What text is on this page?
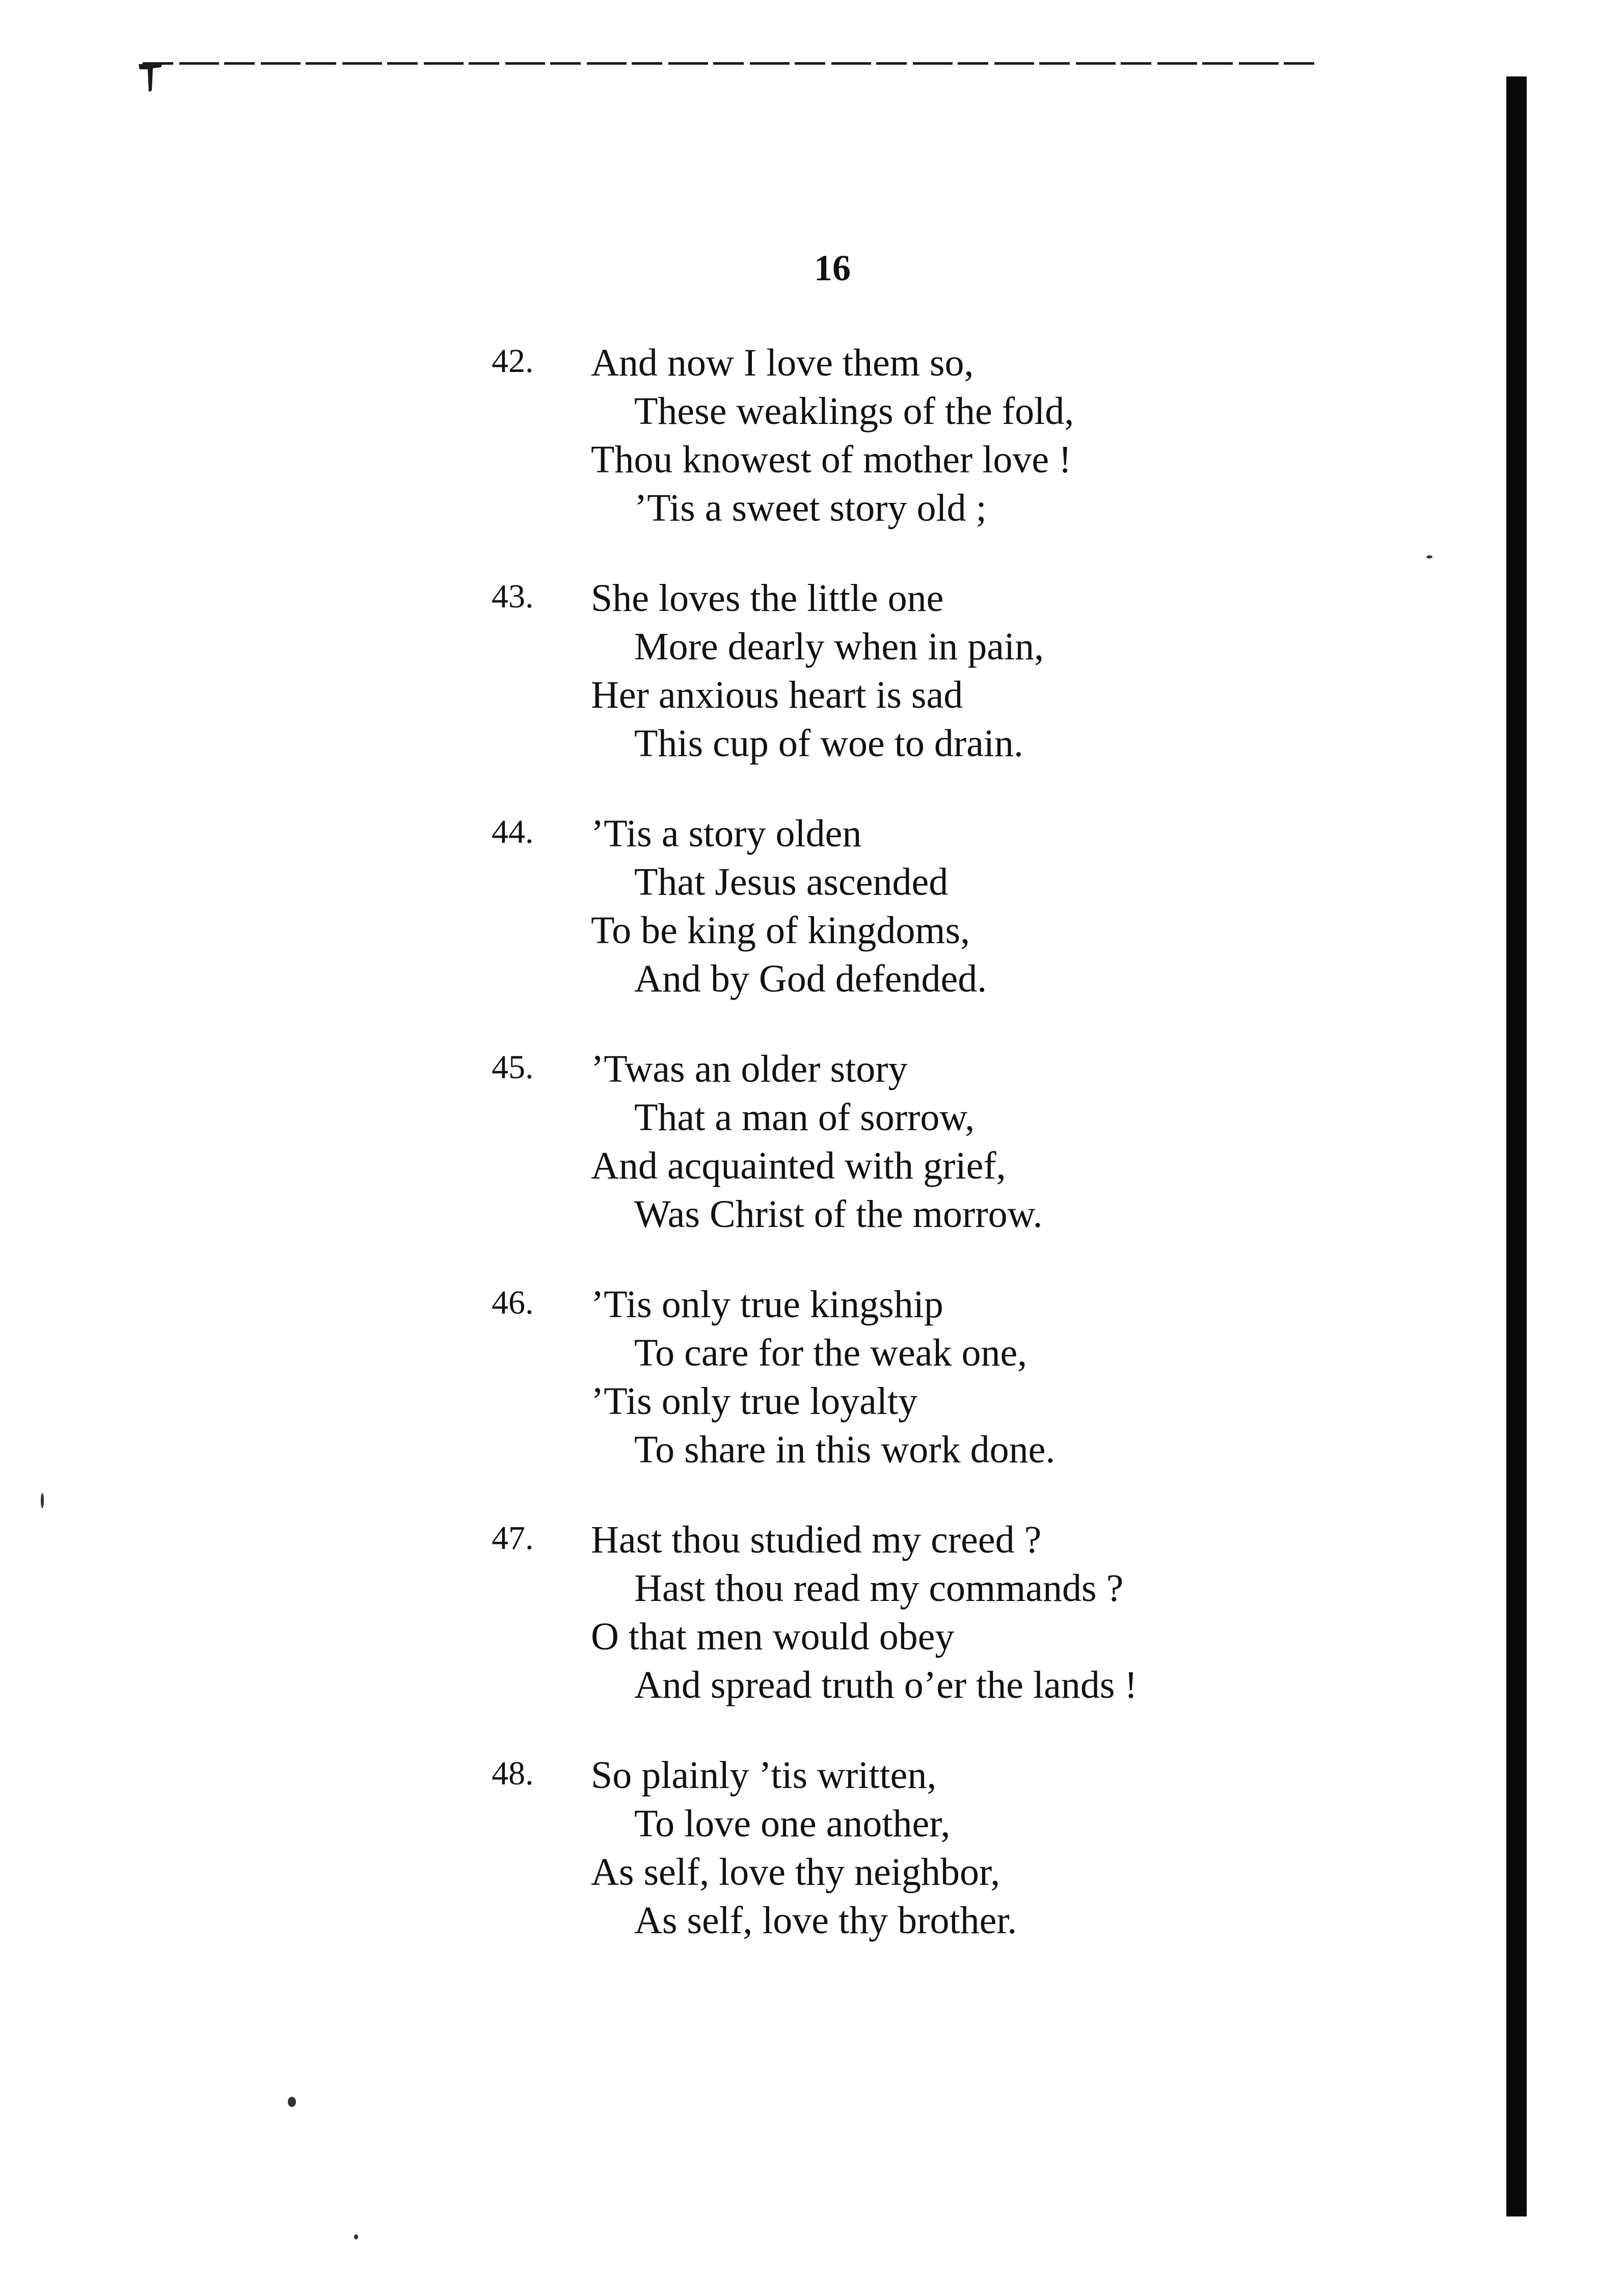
16
42.	And now I love them so,
These weaklings of the fold,
Thou knowest of mother love !
’Tis a sweet story old ;
43.	She loves the little one
More dearly when in pain,
Her anxious heart is sad
This cup of woe to drain.
44.	’Tis a story olden
That Jesus ascended
To be king of kingdoms,
And by God defended.
45.	’Twas an older story
That a man of sorrow,
And acquainted with grief,
Was Christ of the morrow.
46.	’Tis only true kingship
To care for the weak one,
’Tis only true loyalty
To share in this work done.
47.	Hast thou studied my creed ?
Hast thou read my commands ?
O that men would obey
And spread truth o’er the lands !
48.	So plainly ’tis written,
To love one another,
As self, love thy neighbor,
As self, love thy brother.
